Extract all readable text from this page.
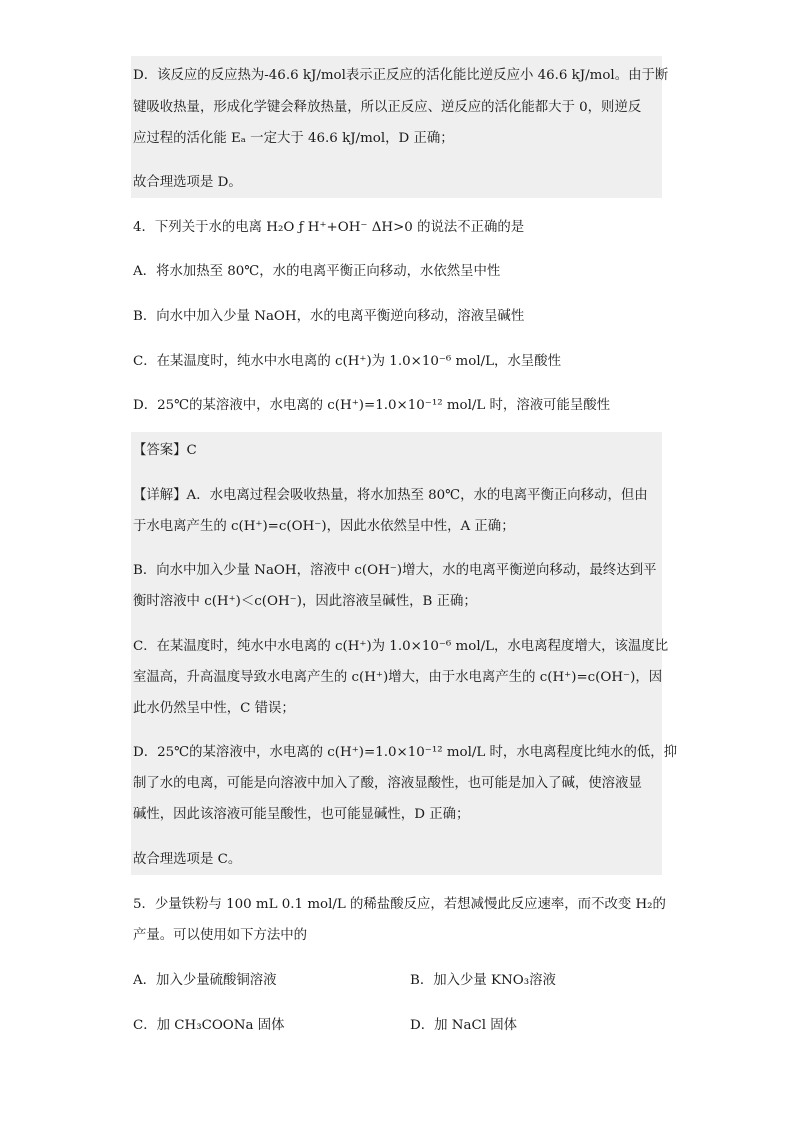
D．该反应的反应热为-46.6 kJ/mol表示正反应的活化能比逆反应小 46.6 kJ/mol。由于断
键吸收热量，形成化学键会释放热量，所以正反应、逆反应的活化能都大于 0，则逆反
应过程的活化能 Eₐ 一定大于 46.6 kJ/mol，D 正确；
故合理选项是 D。
4．下列关于水的电离 H₂O ƒ H⁺+OH⁻ ΔH>0 的说法不正确的是
A．将水加热至 80℃，水的电离平衡正向移动，水依然呈中性
B．向水中加入少量 NaOH，水的电离平衡逆向移动，溶液呈碱性
C．在某温度时，纯水中水电离的 c(H⁺)为 1.0×10⁻⁶ mol/L，水呈酸性
D．25℃的某溶液中，水电离的 c(H⁺)=1.0×10⁻¹² mol/L 时，溶液可能呈酸性
【答案】C
【详解】A．水电离过程会吸收热量，将水加热至 80℃，水的电离平衡正向移动，但由
于水电离产生的 c(H⁺)=c(OH⁻)，因此水依然呈中性，A 正确；
B．向水中加入少量 NaOH，溶液中 c(OH⁻)增大，水的电离平衡逆向移动，最终达到平
衡时溶液中 c(H⁺)＜c(OH⁻)，因此溶液呈碱性，B 正确；
C．在某温度时，纯水中水电离的 c(H⁺)为 1.0×10⁻⁶ mol/L，水电离程度增大，该温度比
室温高，升高温度导致水电离产生的 c(H⁺)增大，由于水电离产生的 c(H⁺)=c(OH⁻)，因
此水仍然呈中性，C 错误；
D．25℃的某溶液中，水电离的 c(H⁺)=1.0×10⁻¹² mol/L 时，水电离程度比纯水的低，抑
制了水的电离，可能是向溶液中加入了酸，溶液显酸性，也可能是加入了碱，使溶液显
碱性，因此该溶液可能呈酸性，也可能显碱性，D 正确；
故合理选项是 C。
5．少量铁粉与 100 mL 0.1 mol/L 的稀盐酸反应，若想减慢此反应速率，而不改变 H₂的
产量。可以使用如下方法中的
A．加入少量硫酸铜溶液	B．加入少量 KNO₃溶液
C．加 CH₃COONa 固体	D．加 NaCl 固体
